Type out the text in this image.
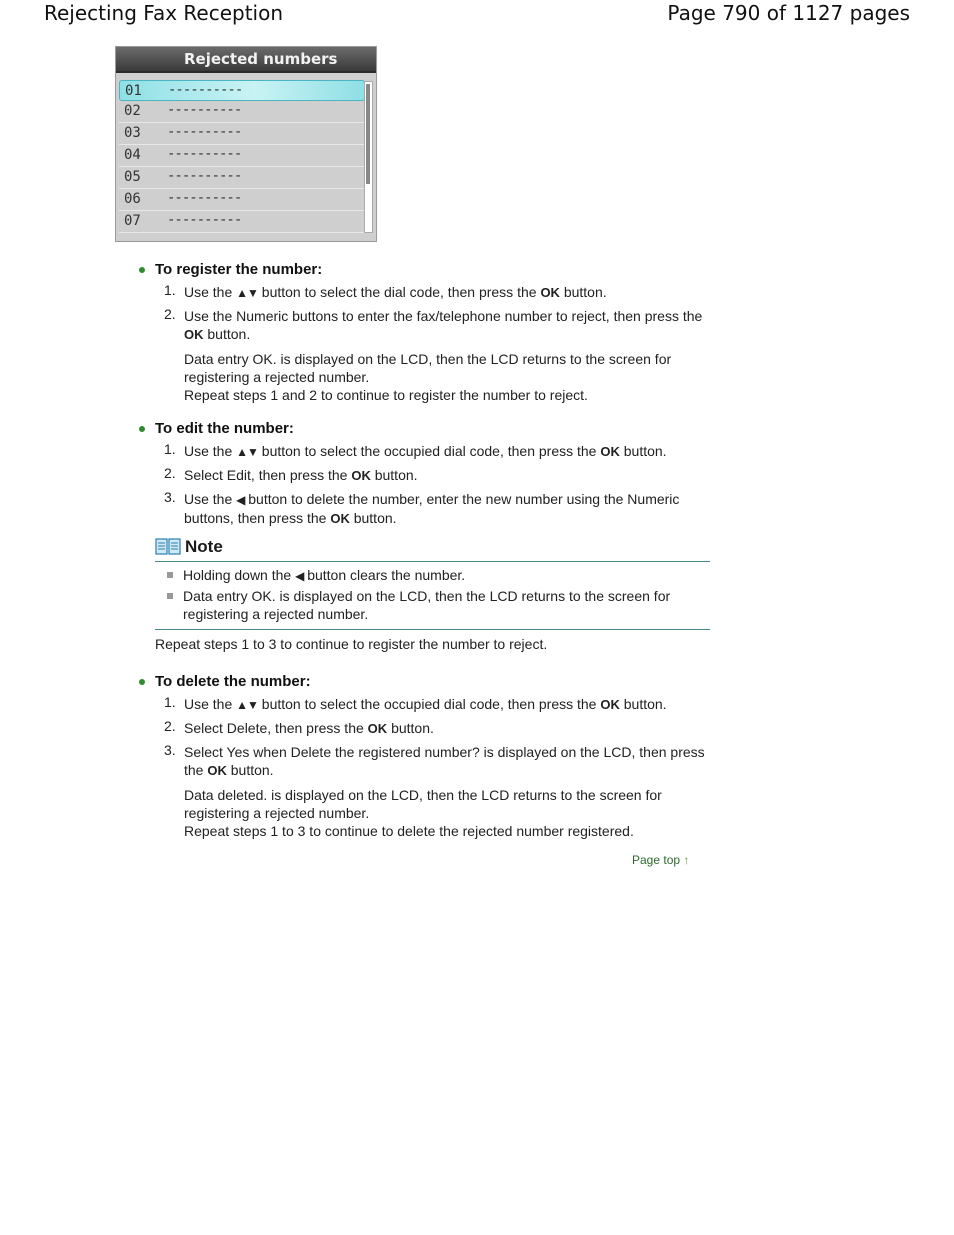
Rejecting Fax Reception	Page 790 of 1127 pages
Rejected numbers
01 ----------
02 ----------
03 ----------
04 ----------
05 ----------
06 ----------
07 ----------
To register the number:
1. Use the ▲▼ button to select the dial code, then press the OK button.
2. Use the Numeric buttons to enter the fax/telephone number to reject, then press the OK button.
Data entry OK. is displayed on the LCD, then the LCD returns to the screen for registering a rejected number.
Repeat steps 1 and 2 to continue to register the number to reject.
To edit the number:
1. Use the ▲▼ button to select the occupied dial code, then press the OK button.
2. Select Edit, then press the OK button.
3. Use the ◀ button to delete the number, enter the new number using the Numeric buttons, then press the OK button.
Note
Holding down the ◀ button clears the number.
Data entry OK. is displayed on the LCD, then the LCD returns to the screen for registering a rejected number.
Repeat steps 1 to 3 to continue to register the number to reject.
To delete the number:
1. Use the ▲▼ button to select the occupied dial code, then press the OK button.
2. Select Delete, then press the OK button.
3. Select Yes when Delete the registered number? is displayed on the LCD, then press the OK button.
Data deleted. is displayed on the LCD, then the LCD returns to the screen for registering a rejected number.
Repeat steps 1 to 3 to continue to delete the rejected number registered.
Page top ↑
